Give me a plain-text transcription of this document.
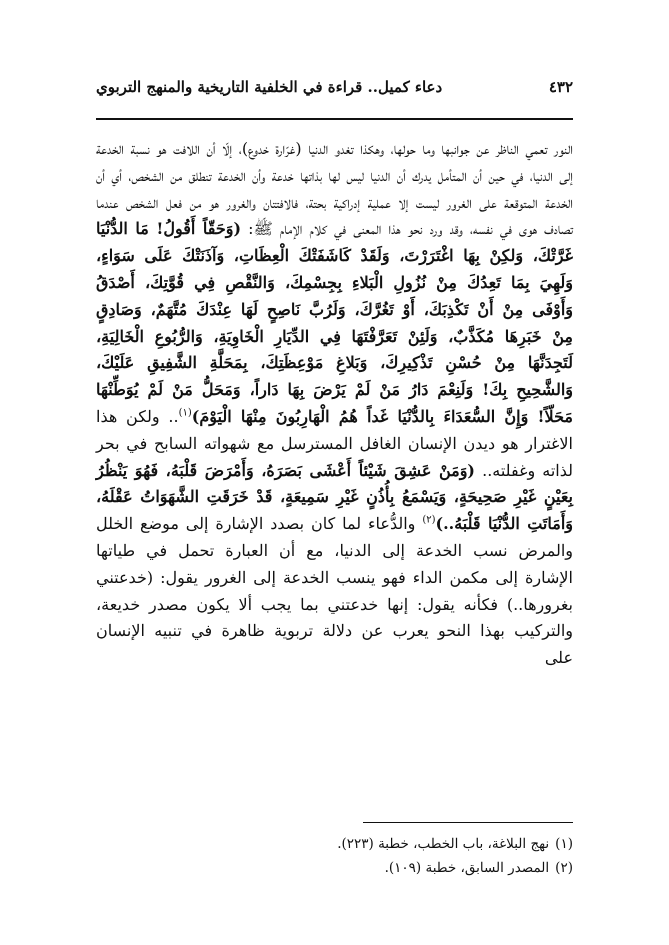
دعاء كميل.. قراءة في الخلفية التاريخية والمنهج التربوي	٤٣٢

النور تعمي الناظر عن جوانبها وما حولها، وهكذا تغدو الدنيا (غرّارة خدوع)، إلّا أن اللافت هو نسبة الخدعة إلى الدنيا، في حين أن المتأمل يدرك أن الدنيا ليس لها بذاتها خدعة وأن الخدعة تنطلق من الشخص، أي أن الخدعة المتوقعة على الغرور ليست إلا عملية إدراكية بحتة، فالافتتان والغرور هو من فعل الشخص عندما تصادف هوى في نفسه، وقد ورد نحو هذا المعنى في كلام الإمام ﷺ: (وَحَقّاً أَقُولُ! مَا الدُّنْيَا غَرَّتْكَ، وَلكِنْ بِهَا اغْتَرَرْتَ، وَلَقَدْ كَاشَفَتْكَ الْعِظَاتِ، وَآذَنَتْكَ عَلَى سَوَاءٍ، وَلَهِيَ بِمَا تَعِدُكَ مِنْ نُزُولِ الْبَلاءِ بِجِسْمِكَ، وَالنَّقْصِ فِي قُوَّتِكَ، أَصْدَقُ وَأَوْفَى مِنْ أَنْ تَكْذِبَكَ، أَوْ تَغُرَّكَ، وَلَرُبَّ نَاصِحٍ لَهَا عِنْدَكَ مُتَّهَمٌ، وَصَادِقٍ مِنْ خَبَرِهَا مُكَذَّبٌ، وَلَئِنْ تَعَرَّفْتَهَا فِي الدِّيَارِ الْخَاوِيَةِ، وَالرُّبُوعِ الْخَالِيَةِ، لَتَجِدَنَّهَا مِنْ حُسْنِ تَذْكِيرِكَ، وَبَلاغِ مَوْعِظَتِكَ، بِمَحَلَّةِ الشَّفِيقِ عَلَيْكَ، وَالشَّحِيحِ بِكَ! وَلَنِعْمَ دَارُ مَنْ لَمْ يَرْضَ بِهَا دَاراً، وَمَحَلُّ مَنْ لَمْ يُوَطِّنْهَا مَحَلّاً! وَإِنَّ السُّعَدَاءَ بِالدُّنْيَا غَداً هُمُ الْهَارِبُونَ مِنْهَا الْيَوْمَ)$^{(١)}$.. ولكن هذا الاغترار هو ديدن الإنسان الغافل المسترسل مع شهواته السابح في بحر لذاته وغفلته.. (وَمَنْ عَشِقَ شَيْئاً أَعْشَى بَصَرَهُ، وَأَمْرَضَ قَلْبَهُ، فَهُوَ يَنْظُرُ بِعَيْنٍ غَيْرِ صَحِيحَةٍ، وَيَسْمَعُ بِأُذُنٍ غَيْرِ سَمِيعَةٍ، قَدْ خَرَقَتِ الشَّهَوَاتُ عَقْلَهُ، وَأَمَاتَتِ الدُّنْيَا قَلْبَهُ..)$^{(٢)}$ والدُّعاء لما كان بصدد الإشارة إلى موضع الخلل والمرض نسب الخدعة إلى الدنيا، مع أن العبارة تحمل في طياتها الإشارة إلى مكمن الداء فهو ينسب الخدعة إلى الغرور يقول: (خدعتني بغرورها..) فكأنه يقول: إنها خدعتني بما يجب ألا يكون مصدر خديعة، والتركيب بهذا النحو يعرب عن دلالة تربوية ظاهرة في تنبيه الإنسان على

(١)
نهج البلاغة، باب الخطب، خطبة (٢٢٣).
(٢)
المصدر السابق، خطبة (١٠٩).
